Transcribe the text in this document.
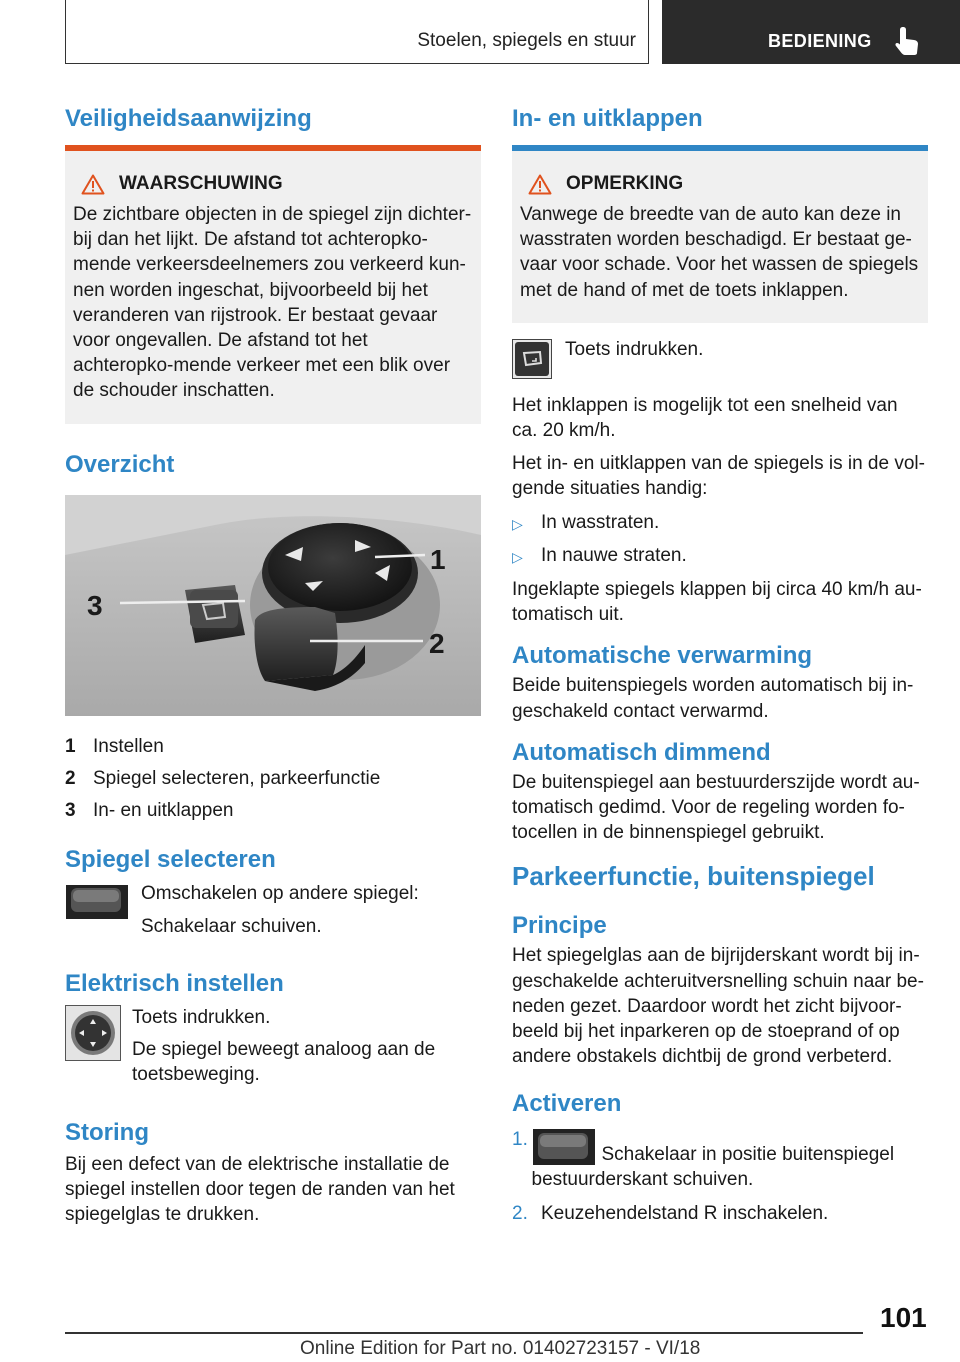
Stoelen, spiegels en stuur	BEDIENING
Veiligheidsaanwijzing
WAARSCHUWING

De zichtbare objecten in de spiegel zijn dichter-bij dan het lijkt. De afstand tot achteropko-mende verkeersdeelnemers zou verkeerd kun-nen worden ingeschat, bijvoorbeeld bij het veranderen van rijstrook. Er bestaat gevaar voor ongevallen. De afstand tot het achteropko-mende verkeer met een blik over de schouder inschatten.

Overzicht
1
2
3
1 Instellen
2 Spiegel selecteren, parkeerfunctie
3 In- en uitklappen
Spiegel selecteren

Omschakelen op andere spiegel:

Schakelaar schuiven.

Elektrisch instellen

Toets indrukken.

De spiegel beweegt analoog aan de toetsbeweging.

Storing

Bij een defect van de elektrische installatie de spiegel instellen door tegen de randen van het spiegelglas te drukken.

In- en uitklappen
OPMERKING

Vanwege de breedte van de auto kan deze in wasstraten worden beschadigd. Er bestaat ge-vaar voor schade. Voor het wassen de spiegels met de hand of met de toets inklappen.

Toets indrukken.

Het inklappen is mogelijk tot een snelheid van ca. 20 km/h.

Het in- en uitklappen van de spiegels is in de vol-gende situaties handig:

▷ In wasstraten.
▷ In nauwe straten.

Ingeklapte spiegels klappen bij circa 40 km/h au-tomatisch uit.

Automatische verwarming

Beide buitenspiegels worden automatisch bij in-geschakeld contact verwarmd.

Automatisch dimmend

De buitenspiegel aan bestuurderszijde wordt au-tomatisch gedimd. Voor de regeling worden fo-tocellen in de binnenspiegel gebruikt.

Parkeerfunctie, buitenspiegel
Principe

Het spiegelglas aan de bijrijderskant wordt bij in-geschakelde achteruitversnelling schuin naar be-neden gezet. Daardoor wordt het zicht bijvoor-beeld bij het inparkeren op de stoeprand of op andere obstakels dichtbij de grond verbeterd.

Activeren
1.
Schakelaar in positie buitenspiegel bestuurderskant schuiven.
2. Keuzehendelstand R inschakelen.
101
Online Edition for Part no. 01402723157 - VI/18
